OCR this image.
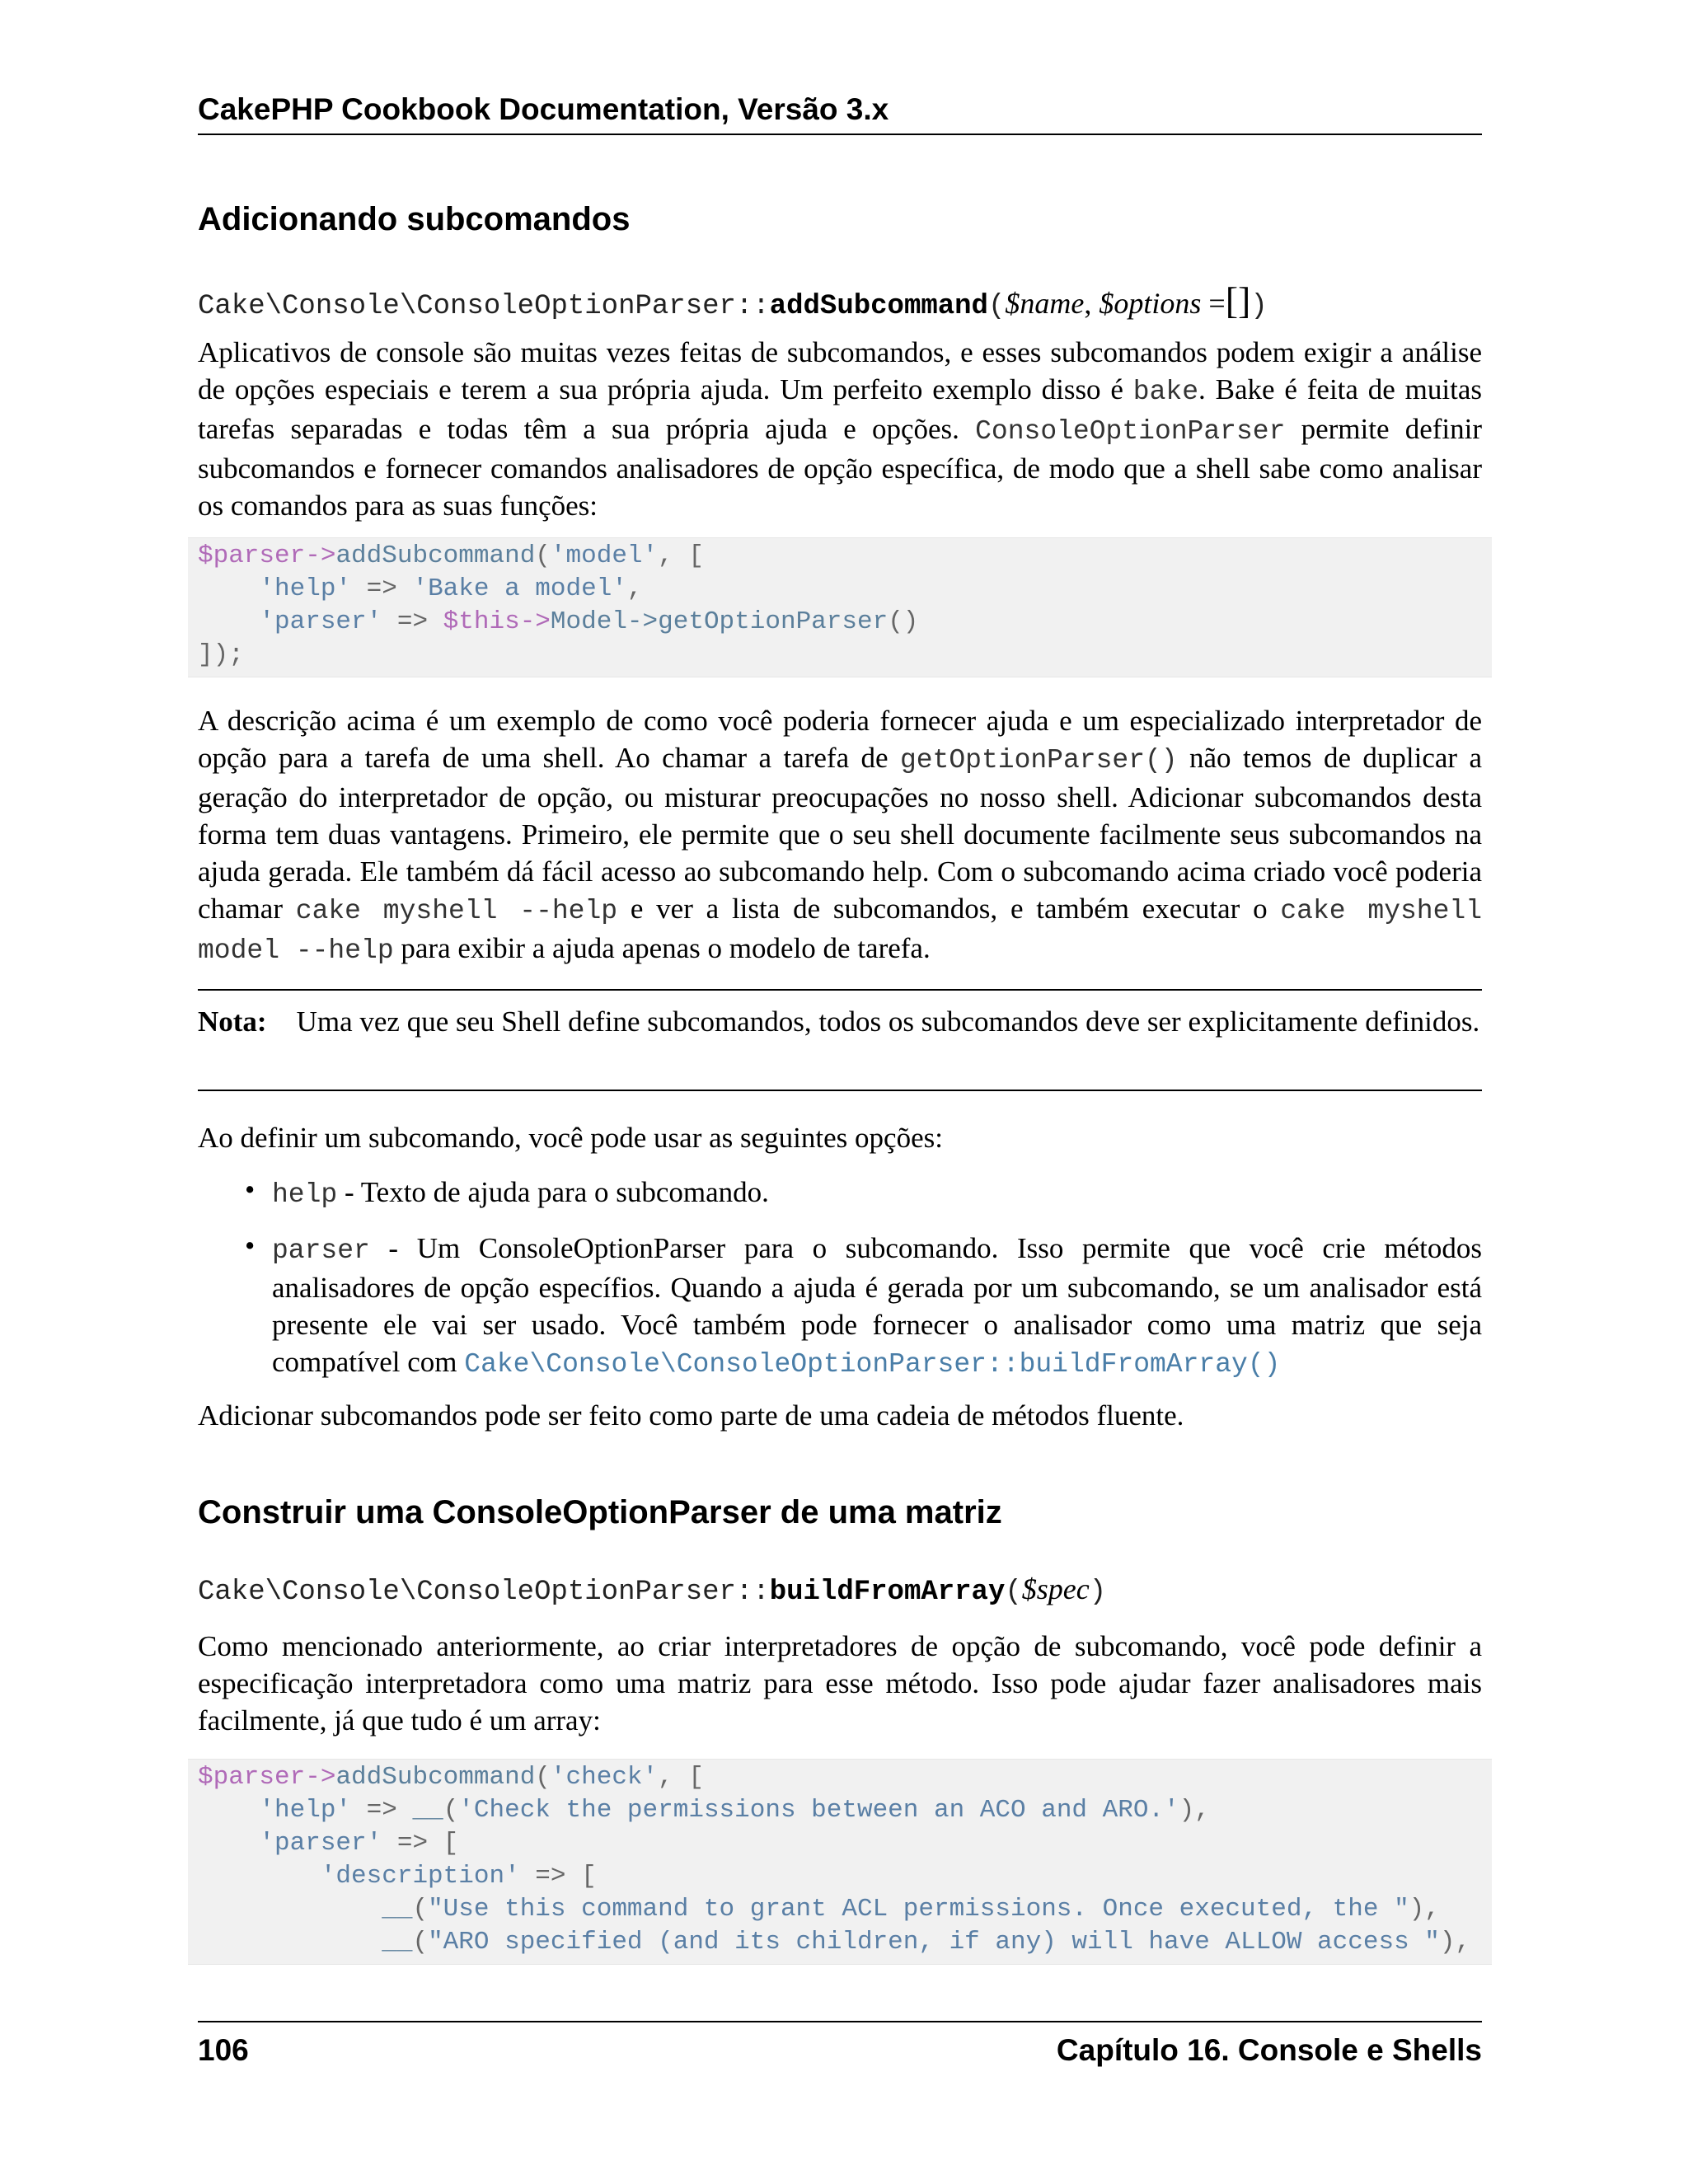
CakePHP Cookbook Documentation, Versão 3.x
Adicionando subcomandos
Cake\Console\ConsoleOptionParser::addSubcommand($name, $options =[])
Aplicativos de console são muitas vezes feitas de subcomandos, e esses subcomandos podem exigir a análise de opções especiais e terem a sua própria ajuda. Um perfeito exemplo disso é bake. Bake é feita de muitas tarefas separadas e todas têm a sua própria ajuda e opções. ConsoleOptionParser permite definir subcomandos e fornecer comandos analisadores de opção específica, de modo que a shell sabe como analisar os comandos para as suas funções:
$parser->addSubcommand('model', [
'help' => 'Bake a model',
'parser' => $this->Model->getOptionParser()
]);
A descrição acima é um exemplo de como você poderia fornecer ajuda e um especializado interpretador de opção para a tarefa de uma shell. Ao chamar a tarefa de getOptionParser() não temos de duplicar a geração do interpretador de opção, ou misturar preocupações no nosso shell. Adicionar subcomandos desta forma tem duas vantagens. Primeiro, ele permite que o seu shell documente facilmente seus subcomandos na ajuda gerada. Ele também dá fácil acesso ao subcomando help. Com o subcomando acima criado você poderia chamar cake myshell --help e ver a lista de subcomandos, e também executar o cake myshell model --help para exibir a ajuda apenas o modelo de tarefa.
Nota: Uma vez que seu Shell define subcomandos, todos os subcomandos deve ser explicitamente definidos.
Ao definir um subcomando, você pode usar as seguintes opções:
• help - Texto de ajuda para o subcomando.
• parser - Um ConsoleOptionParser para o subcomando. Isso permite que você crie métodos analisadores de opção específios. Quando a ajuda é gerada por um subcomando, se um analisador está presente ele vai ser usado. Você também pode fornecer o analisador como uma matriz que seja compatível com Cake\Console\ConsoleOptionParser::buildFromArray()
Adicionar subcomandos pode ser feito como parte de uma cadeia de métodos fluente.
Construir uma ConsoleOptionParser de uma matriz
Cake\Console\ConsoleOptionParser::buildFromArray($spec)
Como mencionado anteriormente, ao criar interpretadores de opção de subcomando, você pode definir a especificação interpretadora como uma matriz para esse método. Isso pode ajudar fazer analisadores mais facilmente, já que tudo é um array:
$parser->addSubcommand('check', [
'help' => __('Check the permissions between an ACO and ARO.'),
'parser' => [
'description' => [
__("Use this command to grant ACL permissions. Once executed, the "),
__("ARO specified (and its children, if any) will have ALLOW access "),
106	Capítulo 16. Console e Shells
